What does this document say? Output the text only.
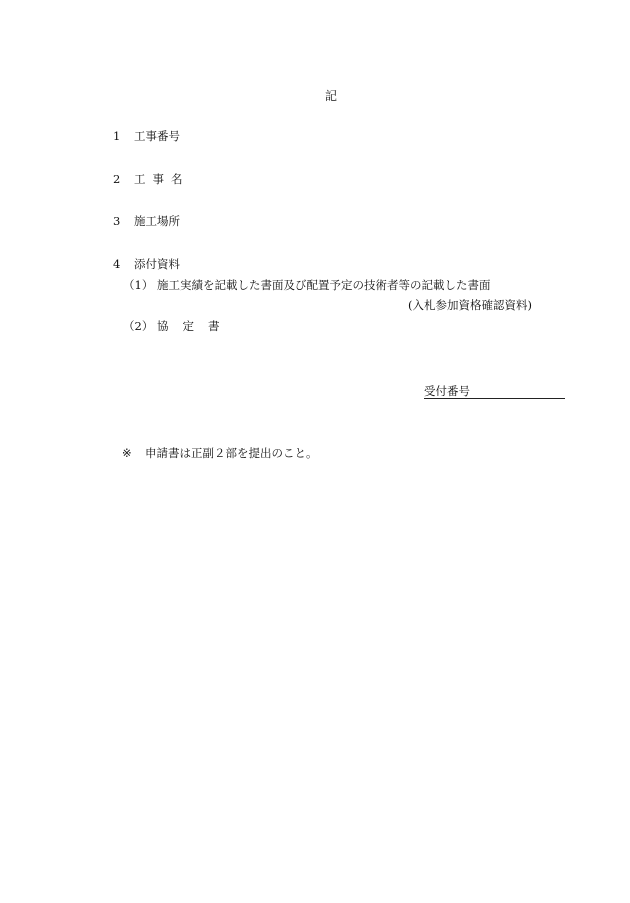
記
1 工事番号
2 工事名
3 施工場所
4 添付資料
（1） 施工実績を記載した書面及び配置予定の技術者等の記載した書面
(入札参加資格確認資料)
（2） 協定書
受付番号
※ 申請書は正副２部を提出のこと。
